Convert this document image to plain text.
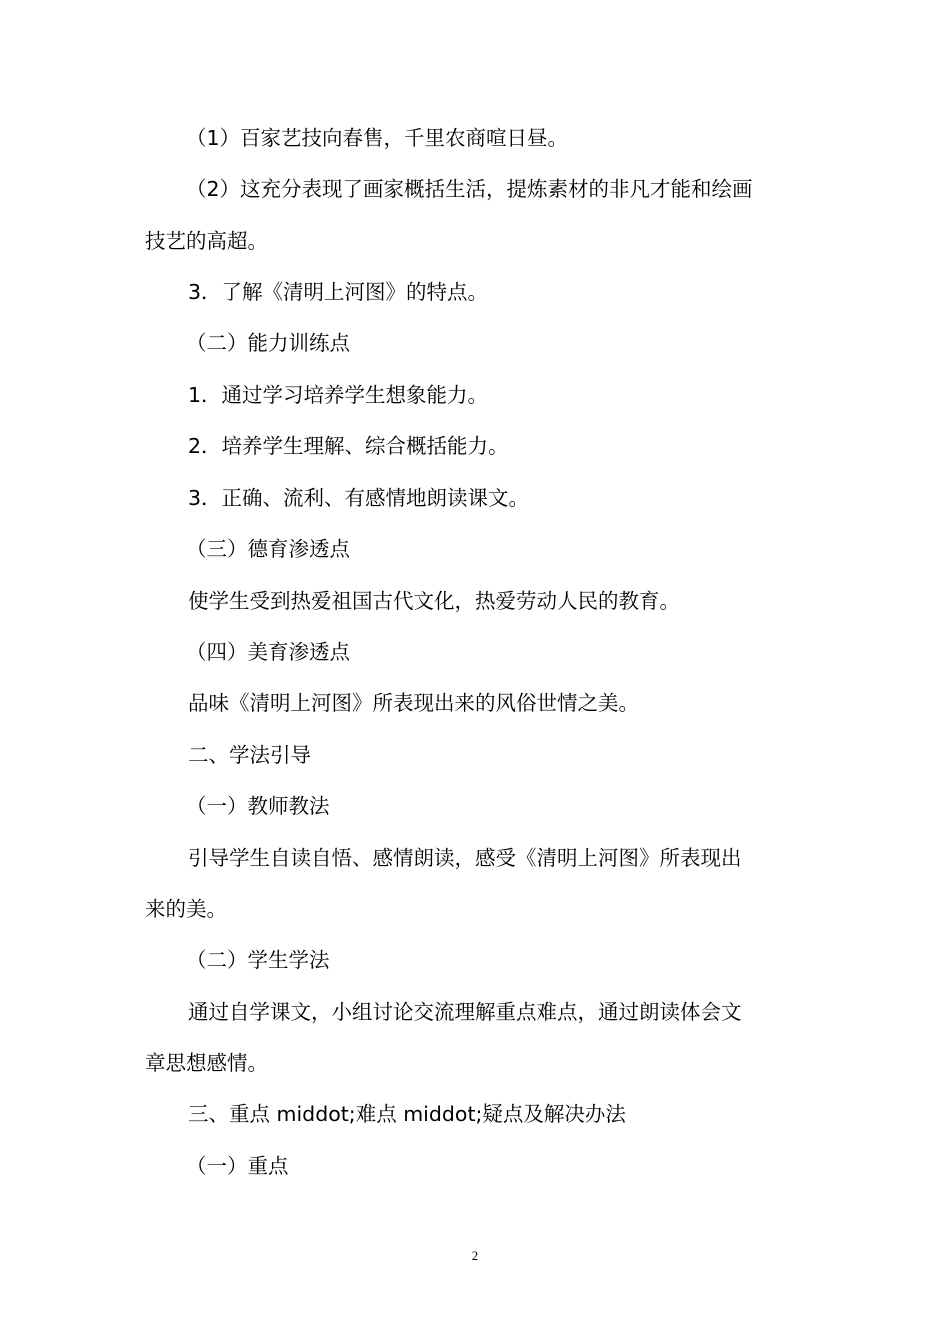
（1）百家艺技向春售，千里农商喧日昼。
（2）这充分表现了画家概括生活，提炼素材的非凡才能和绘画
技艺的高超。
3．了解《清明上河图》的特点。
（二）能力训练点
1．通过学习培养学生想象能力。
2．培养学生理解、综合概括能力。
3．正确、流利、有感情地朗读课文。
（三）德育渗透点
使学生受到热爱祖国古代文化，热爱劳动人民的教育。
（四）美育渗透点
品味《清明上河图》所表现出来的风俗世情之美。
二、学法引导
（一）教师教法
引导学生自读自悟、感情朗读，感受《清明上河图》所表现出
来的美。
（二）学生学法
通过自学课文，小组讨论交流理解重点难点，通过朗读体会文
章思想感情。
三、重点 middot;难点 middot;疑点及解决办法
（一）重点
2
